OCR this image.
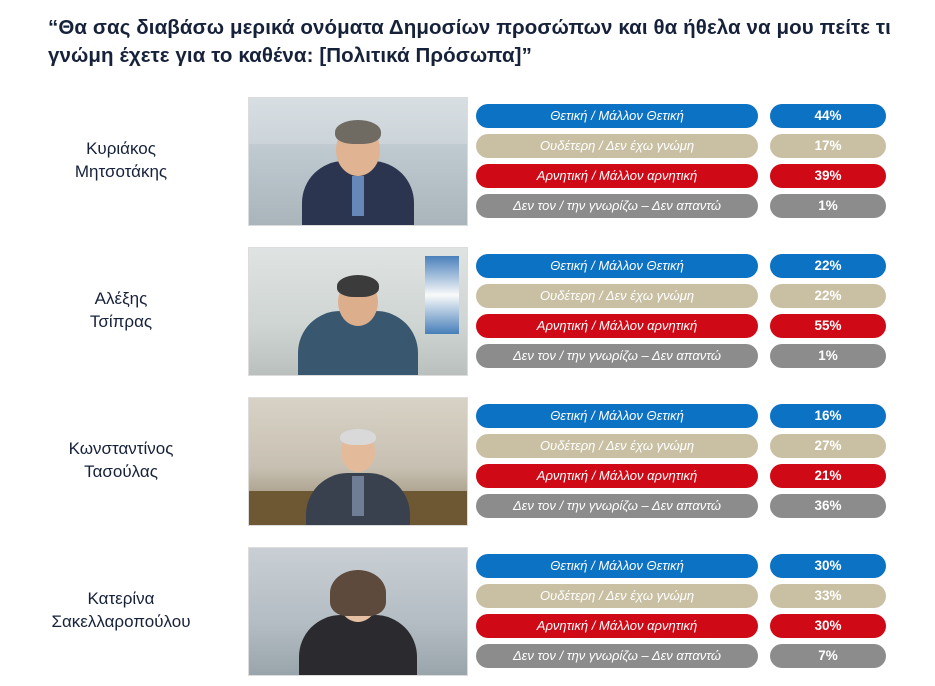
“Θα σας διαβάσω μερικά ονόματα Δημοσίων προσώπων και θα ήθελα να μου πείτε τι γνώμη έχετε για το καθένα: [Πολιτικά Πρόσωπα]”
Κυριάκος
Μητσοτάκης
Θετική / Μάλλον Θετική	44%
Ουδέτερη / Δεν έχω γνώμη	17%
Αρνητική / Μάλλον αρνητική	39%
Δεν τον / την γνωρίζω – Δεν απαντώ	1%
Αλέξης
Τσίπρας
Θετική / Μάλλον Θετική	22%
Ουδέτερη / Δεν έχω γνώμη	22%
Αρνητική / Μάλλον αρνητική	55%
Δεν τον / την γνωρίζω – Δεν απαντώ	1%
Κωνσταντίνος
Τασούλας
Θετική / Μάλλον Θετική	16%
Ουδέτερη / Δεν έχω γνώμη	27%
Αρνητική / Μάλλον αρνητική	21%
Δεν τον / την γνωρίζω – Δεν απαντώ	36%
Κατερίνα
Σακελλαροπούλου
Θετική / Μάλλον Θετική	30%
Ουδέτερη / Δεν έχω γνώμη	33%
Αρνητική / Μάλλον αρνητική	30%
Δεν τον / την γνωρίζω – Δεν απαντώ	7%
